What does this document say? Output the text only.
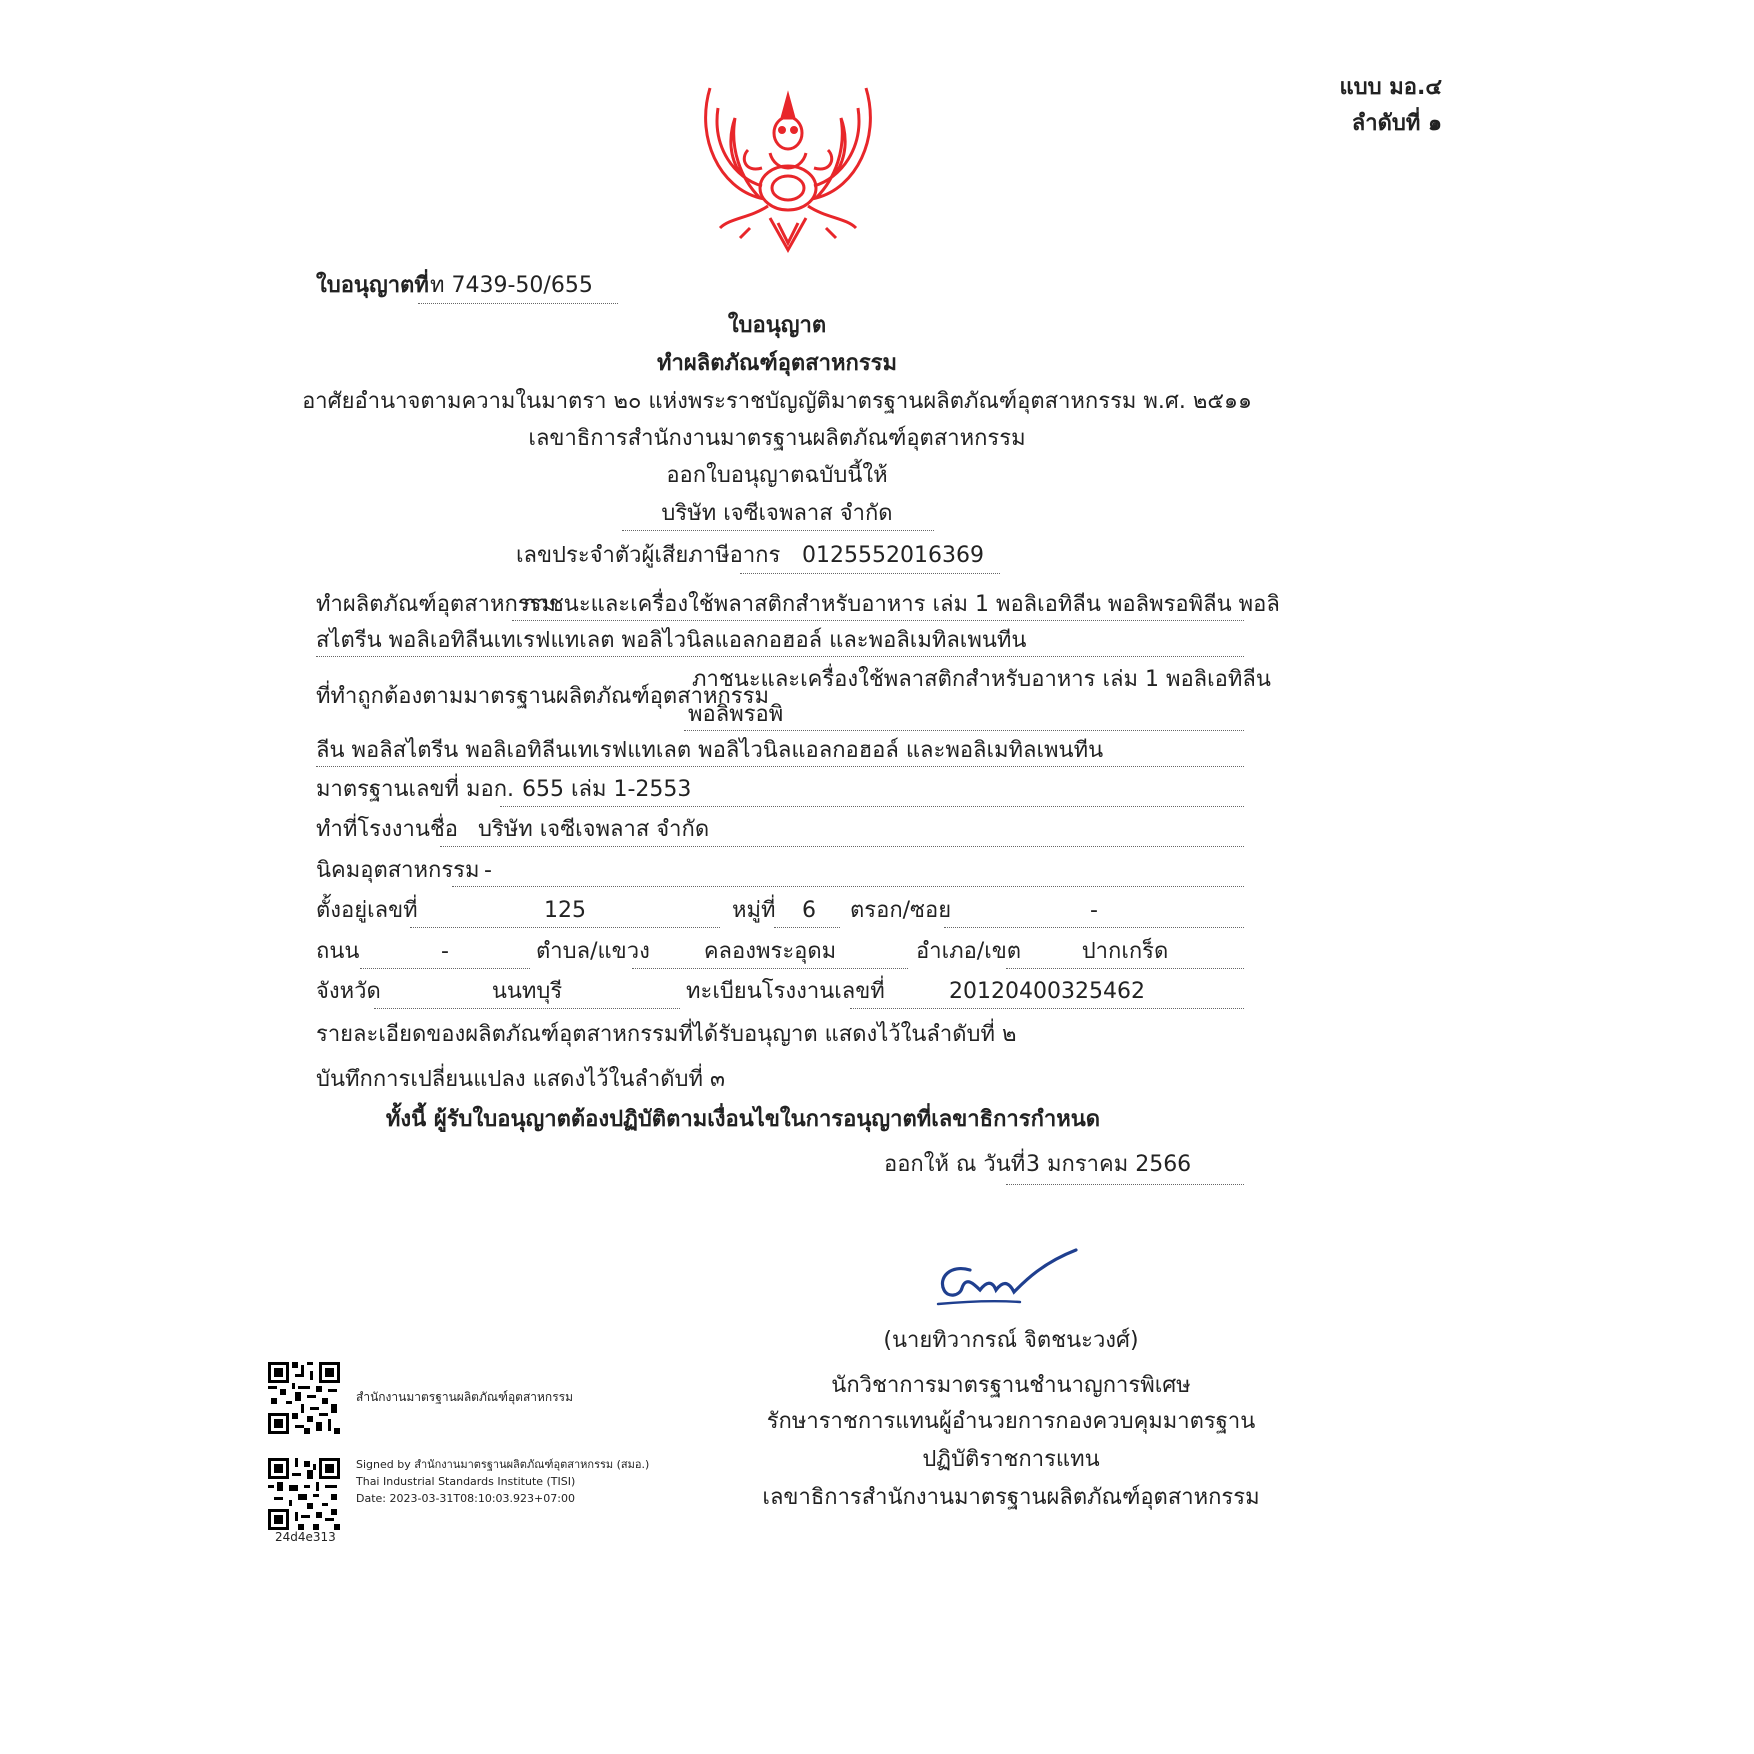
แบบ มอ.๔
ลำดับที่ ๑
ใบอนุญาตที่ ท 7439-50/655
ใบอนุญาต
ทำผลิตภัณฑ์อุตสาหกรรม
อาศัยอำนาจตามความในมาตรา ๒๐ แห่งพระราชบัญญัติมาตรฐานผลิตภัณฑ์อุตสาหกรรม พ.ศ. ๒๕๑๑
เลขาธิการสำนักงานมาตรฐานผลิตภัณฑ์อุตสาหกรรม
ออกใบอนุญาตฉบับนี้ให้
บริษัท เจซีเจพลาส จำกัด
เลขประจำตัวผู้เสียภาษีอากร 0125552016369
ทำผลิตภัณฑ์อุตสาหกรรม
ภาชนะและเครื่องใช้พลาสติกสำหรับอาหาร เล่ม 1 พอลิเอทิลีน พอลิพรอพิลีน พอลิ
สไตรีน พอลิเอทิลีนเทเรฟแทเลต พอลิไวนิลแอลกอฮอล์ และพอลิเมทิลเพนทีน
ที่ทำถูกต้องตามมาตรฐานผลิตภัณฑ์อุตสาหกรรม
ภาชนะและเครื่องใช้พลาสติกสำหรับอาหาร เล่ม 1 พอลิเอทิลีน
พอลิพรอพิ
ลีน พอลิสไตรีน พอลิเอทิลีนเทเรฟแทเลต พอลิไวนิลแอลกอฮอล์ และพอลิเมทิลเพนทีน
มาตรฐานเลขที่ มอก. 655 เล่ม 1-2553
ทำที่โรงงานชื่อ บริษัท เจซีเจพลาส จำกัด
นิคมอุตสาหกรรม -
ตั้งอยู่เลขที่	125	หมู่ที่	6	ตรอก/ซอย	-
ถนน	-	ตำบล/แขวง	คลองพระอุดม	อำเภอ/เขต	ปากเกร็ด
จังหวัด	นนทบุรี	ทะเบียนโรงงานเลขที่	20120400325462
รายละเอียดของผลิตภัณฑ์อุตสาหกรรมที่ได้รับอนุญาต แสดงไว้ในลำดับที่ ๒
บันทึกการเปลี่ยนแปลง แสดงไว้ในลำดับที่ ๓
ทั้งนี้ ผู้รับใบอนุญาตต้องปฏิบัติตามเงื่อนไขในการอนุญาตที่เลขาธิการกำหนด
ออกให้ ณ วันที่ 3 มกราคม 2566
(นายทิวากรณ์ จิตชนะวงศ์)
นักวิชาการมาตรฐานชำนาญการพิเศษ
รักษาราชการแทนผู้อำนวยการกองควบคุมมาตรฐาน
ปฏิบัติราชการแทน
เลขาธิการสำนักงานมาตรฐานผลิตภัณฑ์อุตสาหกรรม
สำนักงานมาตรฐานผลิตภัณฑ์อุตสาหกรรม
Signed by สำนักงานมาตรฐานผลิตภัณฑ์อุตสาหกรรม (สมอ.)
Thai Industrial Standards Institute (TISI)
Date: 2023-03-31T08:10:03.923+07:00
24d4e313
